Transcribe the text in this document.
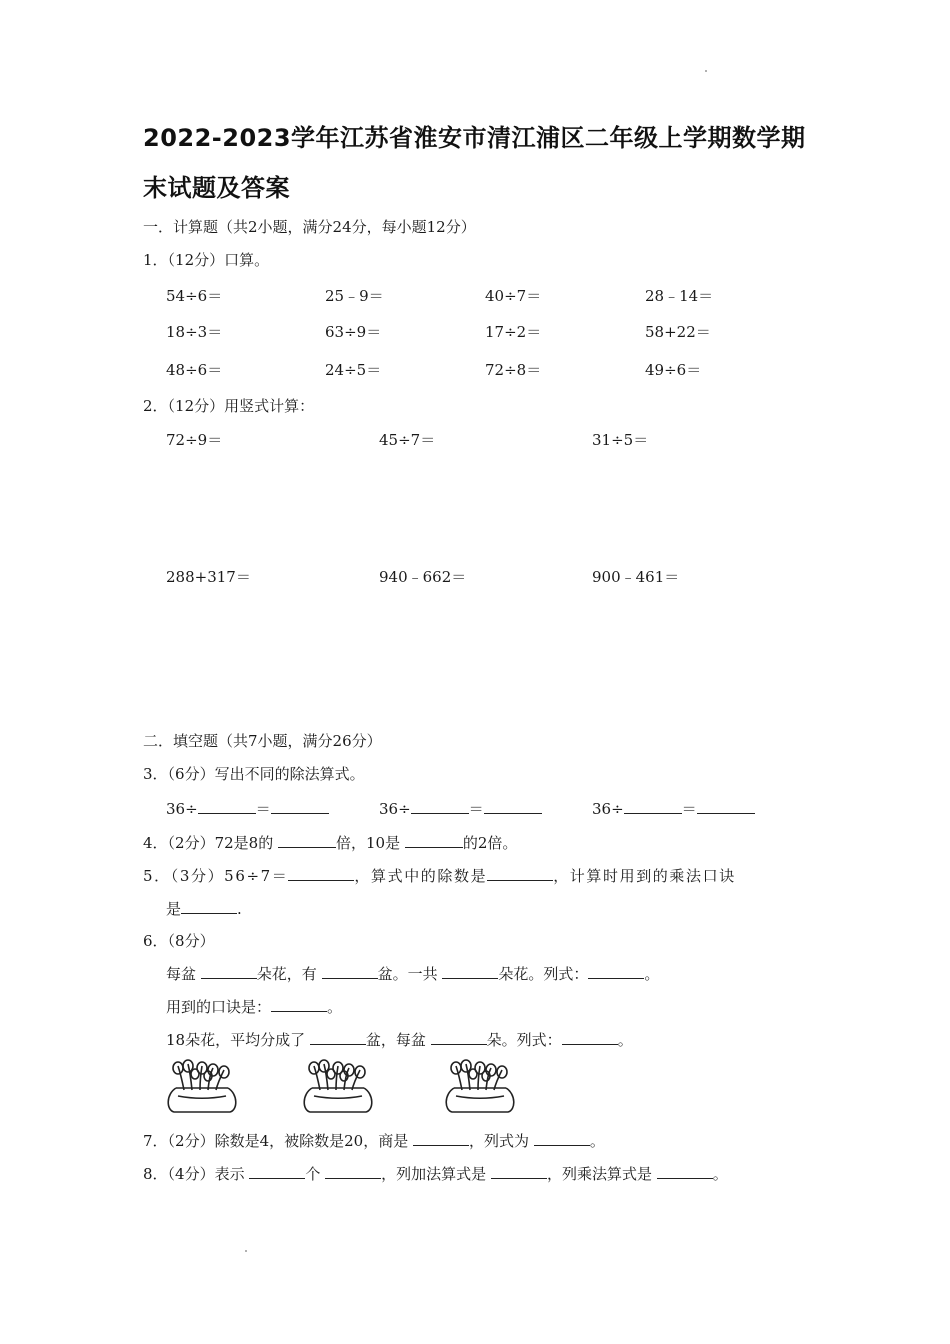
2022-2023学年江苏省淮安市清江浦区二年级上学期数学期
末试题及答案
一．计算题（共2小题，满分24分，每小题12分）
1．（12分）口算。
54÷6＝	25﹣9＝	40÷7＝	28﹣14＝
18÷3＝	63÷9＝	17÷2＝	58+22＝
48÷6＝	24÷5＝	72÷8＝	49÷6＝
2．（12分）用竖式计算：
72÷9＝	45÷7＝	31÷5＝
288+317＝	940﹣662＝	900﹣461＝
二．填空题（共7小题，满分26分）
3．（6分）写出不同的除法算式。
36÷	＝	36÷	＝	36÷	＝
4．（2分）72是8的	倍，10是	的2倍。
5．（3分）56÷7＝	，算式中的除数是	，计算时用到的乘法口诀
是	.
6．（8分）
每盆	朵花，有	盆。一共	朵花。列式：	。
用到的口诀是：	。
18朵花，平均分成了	盆，每盆	朵。列式：	。
7．（2分）除数是4，被除数是20，商是	，列式为	。
8．（4分）表示	个	，列加法算式是	，列乘法算式是	。
